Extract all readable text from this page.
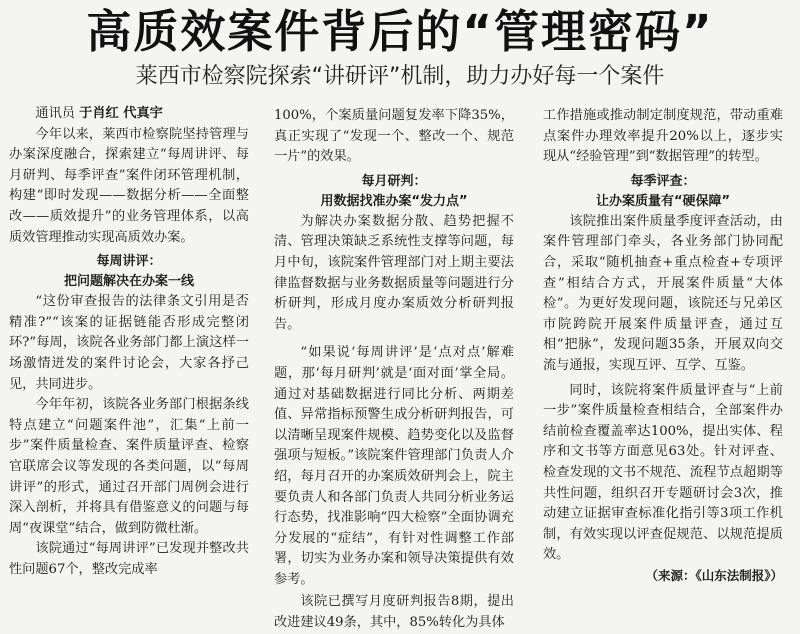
高质效案件背后的“管理密码”
莱西市检察院探索“讲研评”机制，助力办好每一个案件

通讯员 于肖红 代真宇

今年以来，莱西市检察院坚持管理与办案深度融合，探索建立“每周讲评、每月研判、每季评查”案件闭环管理机制，构建“即时发现——数据分析——全面整改——质效提升”的业务管理体系，以高质效管理推动实现高质效办案。

每周讲评：

把问题解决在办案一线

“这份审查报告的法律条文引用是否精准?”“该案的证据链能否形成完整闭环?”每周，该院各业务部门都上演这样一场激情迸发的案件讨论会，大家各抒己见，共同进步。

今年年初，该院各业务部门根据条线特点建立“问题案件池”，汇集“上前一步”案件质量检查、案件质量评查、检察官联席会议等发现的各类问题，以“每周讲评”的形式，通过召开部门周例会进行深入剖析，并将具有借鉴意义的问题与每周“夜课堂”结合，做到防微杜渐。

该院通过“每周讲评”已发现并整改共性问题67个，整改完成率

100%，个案质量问题复发率下降35%，真正实现了“发现一个、整改一个、规范一片”的效果。

每月研判：

用数据找准办案“发力点”

为解决办案数据分散、趋势把握不清、管理决策缺乏系统性支撑等问题，每月中旬，该院案件管理部门对上期主要法律监督数据与业务数据质量等问题进行分析研判，形成月度办案质效分析研判报告。

“如果说‘每周讲评’是‘点对点’解难题，那‘每月研判’就是‘面对面’掌全局。通过对基础数据进行同比分析、两期差值、异常指标预警生成分析研判报告，可以清晰呈现案件规模、趋势变化以及监督强项与短板。”该院案件管理部门负责人介绍，每月召开的办案质效研判会上，院主要负责人和各部门负责人共同分析业务运行态势，找准影响“四大检察”全面协调充分发展的“症结”，有针对性调整工作部署，切实为业务办案和领导决策提供有效参考。

该院已撰写月度研判报告8期，提出改进建议49条，其中，85%转化为具体

工作措施或推动制定制度规范，带动重难点案件办理效率提升20%以上，逐步实现从“经验管理”到“数据管理”的转型。

每季评查：

让办案质量有“硬保障”

该院推出案件质量季度评查活动，由案件管理部门牵头，各业务部门协同配合，采取“随机抽查+重点检查+专项评查”相结合方式，开展案件质量“大体检”。为更好发现问题，该院还与兄弟区市院跨院开展案件质量评查，通过互相“把脉”，发现问题35条，开展双向交流与通报，实现互评、互学、互鉴。

同时，该院将案件质量评查与“上前一步”案件质量检查相结合，全部案件办结前检查覆盖率达100%，提出实体、程序和文书等方面意见63处。针对评查、检查发现的文书不规范、流程节点超期等共性问题，组织召开专题研讨会3次，推动建立证据审查标准化指引等3项工作机制，有效实现以评查促规范、以规范提质效。

（来源：《山东法制报》）
